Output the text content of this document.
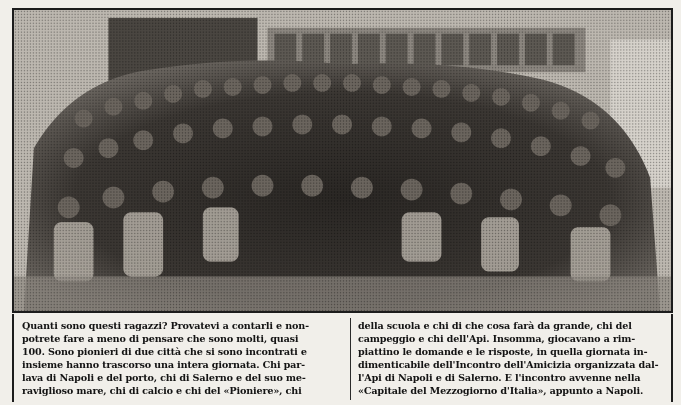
Quanti sono questi ragazzi? Provatevi a contarli e non-
potrete fare a meno di pensare che sono molti, quasi
100. Sono pionieri di due città che si sono incontrati e
insieme hanno trascorso una intera giornata. Chi par-
lava di Napoli e del porto, chi di Salerno e del suo me-
raviglioso mare, chi di calcio e chi del «Pioniere», chi
della scuola e chi di che cosa farà da grande, chi del
campeggio e chi dell'Api. Insomma, giocavano a rim-
piattino le domande e le risposte, in quella giornata in-
dimenticabile dell'Incontro dell'Amicizia organizzata dal-
l'Api di Napoli e di Salerno. E l'incontro avvenne nella
«Capitale del Mezzogiorno d'Italia», appunto a Napoli.
